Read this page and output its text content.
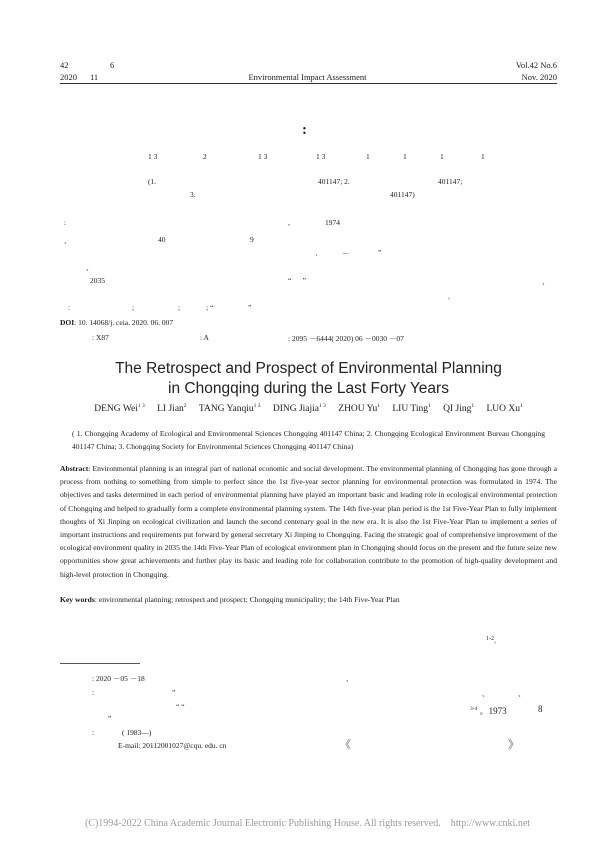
42	6
2020 11	Environmental Impact Assessment
Vol.42 No.6
Nov. 2020
:
1 3	2	1 3	1 3	1	1	1	1
(1.	401147; 2.	401147;
3.	401147)
:	,	1974
、	40	9
,	－	”
、
2035	“      ”	、
。
:	;	;	; “	”
DOI: 10. 14068/j. ceia. 2020. 06. 007
: X87	: A	: 2095 －6444( 2020) 06 －0030 －07
The Retrospect and Prospect of Environmental Planning
in Chongqing during the Last Forty Years
DENG Wei$^{1 3}$ LI Jian$^2$ TANG Yanqiu$^{1 3}$ DING Jiajia$^{1 3}$ ZHOU Yu$^1$ LIU Ting$^1$ QI Jing$^1$ LUO Xu$^1$
( 1. Chongqing Academy of Ecological and Environmental Sciences Chongqing 401147 China; 2. Chongqing Ecological Environment Bureau Chongqing 401147 China; 3. Chongqing Society for Environmental Sciences Chongqing 401147 China)
Abstract: Environmental planning is an integral part of national economic and social development. The environmental planning of Chongqing has gone through a process from nothing to something from simple to perfect since the 1st five-year sector planning for environmental protection was formulated in 1974. The objectives and tasks determined in each period of environmental planning have played an important basic and leading role in ecological environmental protection of Chongqing and helped to gradually form a complete environmental planning system. The 14th five-year plan period is the 1st Five-Year Plan to fully implement thoughts of Xi Jinping on ecological civilization and launch the second centenary goal in the new era. It is also the 1st Five-Year Plan to implement a series of important instructions and requirements put forward by general secretary Xi Jinping to Chongqing. Facing the strategic goal of comprehensive improvement of the ecological environment quality in 2035 the 14th Five-Year Plan of ecological environment plan in Chongqing should focus on the present and the future seize new opportunities show great achievements and further play its basic and leading role for collaboration contribute to the promotion of high-quality development and high-level protection in Chongqing.
Key words: environmental planning; retrospect and prospect; Chongqing municipality; the 14th Five-Year Plan
1-2。
、
、	、
$^{3-4}$ 。1973	8
《	》
: 2020 －05 －18
:	”
“ “
”
:	( 1983—)
E-mail: 20112001027@cqu. edu. cn
(C)1994-2022 China Academic Journal Electronic Publishing House. All rights reserved.    http://www.cnki.net
